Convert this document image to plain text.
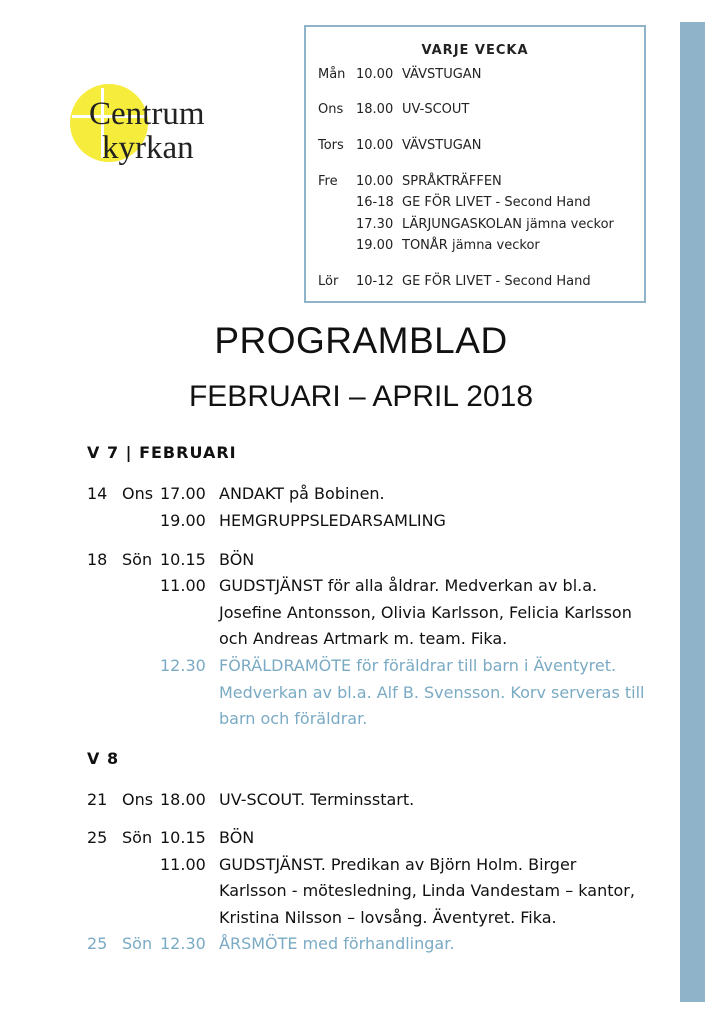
Centrum
kyrkan
VARJE VECKA
Mån 10.00 VÄVSTUGAN
Ons 18.00 UV-SCOUT
Tors 10.00 VÄVSTUGAN
Fre 10.00 SPRÅKTRÄFFEN
16-18 GE FÖR LIVET - Second Hand
17.30 LÄRJUNGASKOLAN jämna veckor
19.00 TONÅR jämna veckor
Lör 10-12 GE FÖR LIVET - Second Hand
PROGRAMBLAD
FEBRUARI – APRIL 2018
V 7 | FEBRUARI
14 Ons 17.00 ANDAKT på Bobinen.
19.00 HEMGRUPPSLEDARSAMLING
18 Sön 10.15 BÖN
11.00 GUDSTJÄNST för alla åldrar. Medverkan av bl.a.
Josefine Antonsson, Olivia Karlsson, Felicia Karlsson
och Andreas Artmark m. team. Fika.
12.30 FÖRÄLDRAMÖTE för föräldrar till barn i Äventyret.
Medverkan av bl.a. Alf B. Svensson. Korv serveras till
barn och föräldrar.
V 8
21 Ons 18.00 UV-SCOUT. Terminsstart.
25 Sön 10.15 BÖN
11.00 GUDSTJÄNST. Predikan av Björn Holm. Birger
Karlsson - mötesledning, Linda Vandestam – kantor,
Kristina Nilsson – lovsång. Äventyret. Fika.
25 Sön 12.30 ÅRSMÖTE med förhandlingar.
